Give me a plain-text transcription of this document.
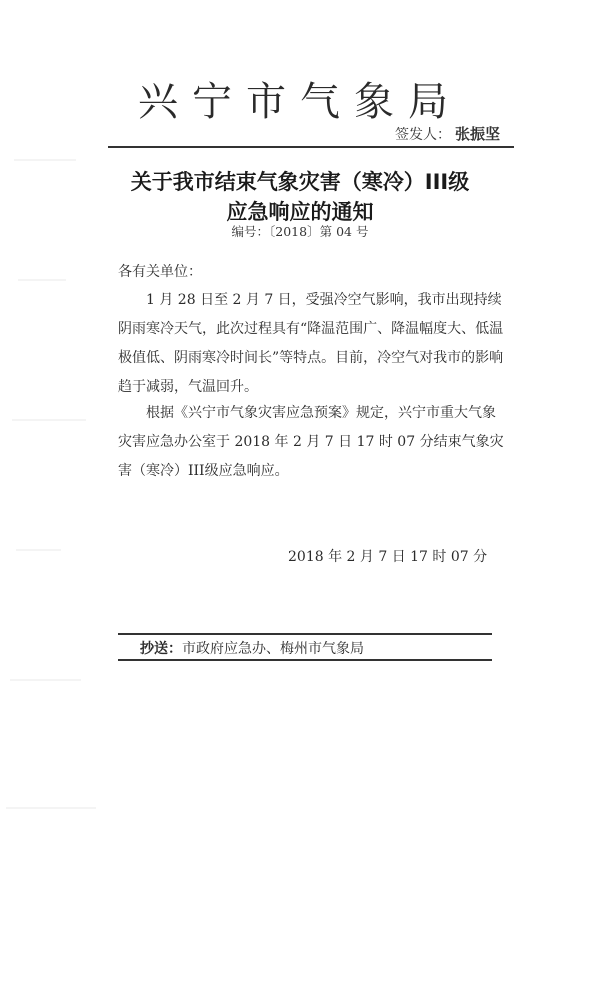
兴宁市气象局
签发人： 张振坚
关于我市结束气象灾害（寒冷）III级
应急响应的通知
编号：〔2018〕第 04 号
各有关单位：
1 月 28 日至 2 月 7 日，受强冷空气影响，我市出现持续阴雨寒冷天气，此次过程具有“降温范围广、降温幅度大、低温极值低、阴雨寒冷时间长”等特点。目前，冷空气对我市的影响趋于减弱，气温回升。
根据《兴宁市气象灾害应急预案》规定，兴宁市重大气象灾害应急办公室于 2018 年 2 月 7 日 17 时 07 分结束气象灾害（寒冷）III级应急响应。
2018 年 2 月 7 日 17 时 07 分
抄送：市政府应急办、梅州市气象局
